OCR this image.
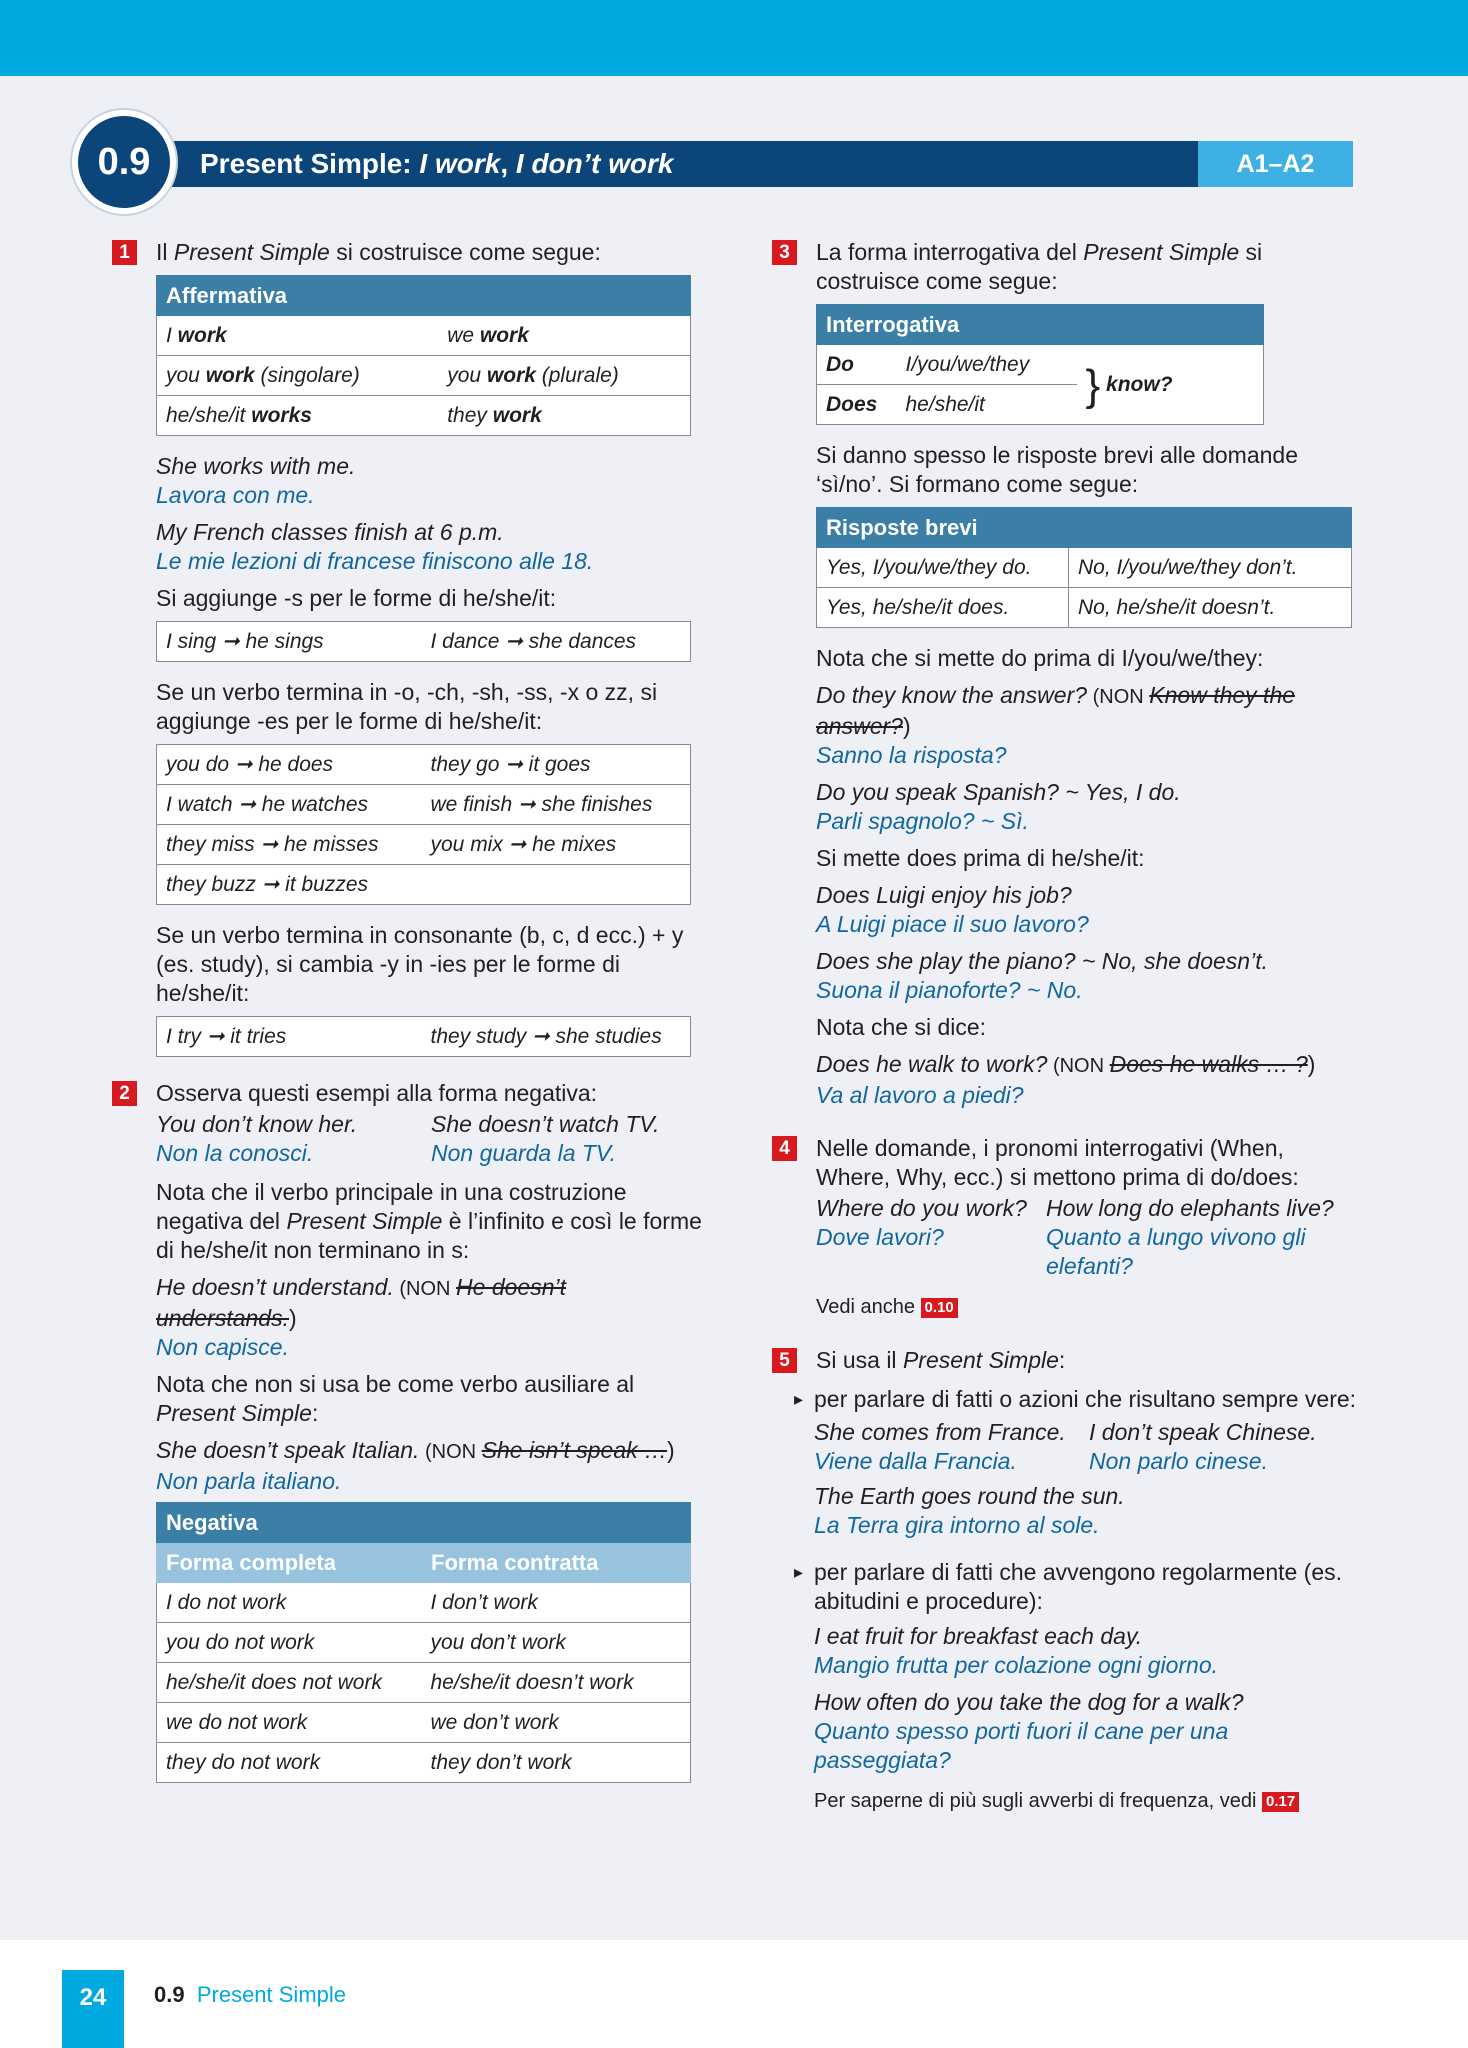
0.9	Present Simple: I work, I don’t work	A1–A2
1	Il Present Simple si costruisce come segue:

Affermativa	
I work	we work
you work (singolare)	you work (plurale)
he/she/it works	they work

She works with me.

Lavora con me.

My French classes finish at 6 p.m.

Le mie lezioni di francese finiscono alle 18.

Si aggiunge -s per le forme di he/she/it:

I sing ➞ he sings	I dance ➞ she dances

Se un verbo termina in -o, -ch, -sh, -ss, -x o zz, si aggiunge -es per le forme di he/she/it:

you do ➞ he does	they go ➞ it goes
I watch ➞ he watches	we finish ➞ she finishes
they miss ➞ he misses	you mix ➞ he mixes
they buzz ➞ it buzzes	

Se un verbo termina in consonante (b, c, d ecc.) + y (es. study), si cambia -y in -ies per le forme di he/she/it:

I try ➞ it tries	they study ➞ she studies
2	Osserva questi esempi alla forma negativa:

You don’t know her.
Non la conosci.
She doesn’t watch TV.
Non guarda la TV.

Nota che il verbo principale in una costruzione negativa del Present Simple è l’infinito e così le forme di he/she/it non terminano in s:

He doesn’t understand. (NON He doesn’t understands.)

Non capisce.

Nota che non si usa be come verbo ausiliare al Present Simple:

She doesn’t speak Italian. (NON She isn’t speak …)

Non parla italiano.

Negativa	
Forma completa	Forma contratta
I do not work	I don’t work
you do not work	you don’t work
he/she/it does not work	he/she/it doesn’t work
we do not work	we don’t work
they do not work	they don’t work
3	La forma interrogativa del Present Simple si costruisce come segue:

Interrogativa		
Do	I/you/we/they	} know?
Does	he/she/it	

Si danno spesso le risposte brevi alle domande ‘sì/no’. Si formano come segue:

Risposte brevi	
Yes, I/you/we/they do.	No, I/you/we/they don’t.
Yes, he/she/it does.	No, he/she/it doesn’t.

Nota che si mette do prima di I/you/we/they:

Do they know the answer? (NON Know they the answer?)

Sanno la risposta?

Do you speak Spanish? ~ Yes, I do.

Parli spagnolo? ~ Sì.

Si mette does prima di he/she/it:

Does Luigi enjoy his job?

A Luigi piace il suo lavoro?

Does she play the piano? ~ No, she doesn’t.

Suona il pianoforte? ~ No.

Nota che si dice:

Does he walk to work? (NON Does he walks … ?)

Va al lavoro a piedi?

4	Nelle domande, i pronomi interrogativi (When, Where, Why, ecc.) si mettono prima di do/does:

Where do you work?
Dove lavori?
How long do elephants live?
Quanto a lungo vivono gli elefanti?

Vedi anche 0.10

5	Si usa il Present Simple:

▸ per parlare di fatti o azioni che risultano sempre vere:
She comes from France.
Viene dalla Francia.
I don’t speak Chinese.
Non parlo cinese.

The Earth goes round the sun.

La Terra gira intorno al sole.

▸ per parlare di fatti che avvengono regolarmente (es. abitudini e procedure):

I eat fruit for breakfast each day.

Mangio frutta per colazione ogni giorno.

How often do you take the dog for a walk?

Quanto spesso porti fuori il cane per una passeggiata?

Per saperne di più sugli avverbi di frequenza, vedi 0.17

24	0.9 Present Simple
